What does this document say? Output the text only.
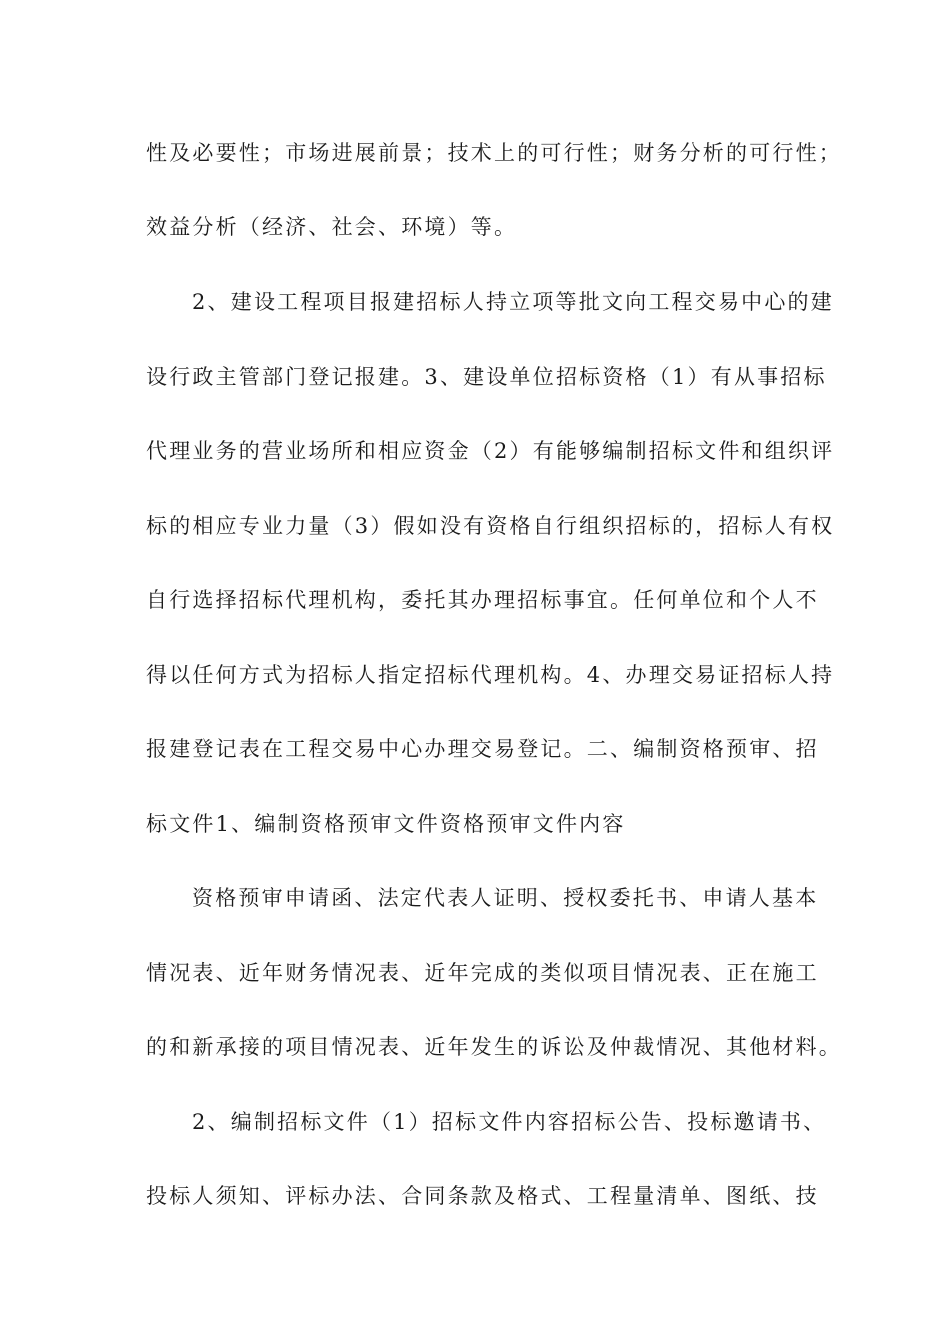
性及必要性；市场进展前景；技术上的可行性；财务分析的可行性；
效益分析（经济、社会、环境）等。
2、建设工程项目报建招标人持立项等批文向工程交易中心的建
设行政主管部门登记报建。3、建设单位招标资格（1）有从事招标
代理业务的营业场所和相应资金（2）有能够编制招标文件和组织评
标的相应专业力量（3）假如没有资格自行组织招标的，招标人有权
自行选择招标代理机构，委托其办理招标事宜。任何单位和个人不
得以任何方式为招标人指定招标代理机构。4、办理交易证招标人持
报建登记表在工程交易中心办理交易登记。二、编制资格预审、招
标文件1、编制资格预审文件资格预审文件内容
资格预审申请函、法定代表人证明、授权委托书、申请人基本
情况表、近年财务情况表、近年完成的类似项目情况表、正在施工
的和新承接的项目情况表、近年发生的诉讼及仲裁情况、其他材料。
2、编制招标文件（1）招标文件内容招标公告、投标邀请书、
投标人须知、评标办法、合同条款及格式、工程量清单、图纸、技
